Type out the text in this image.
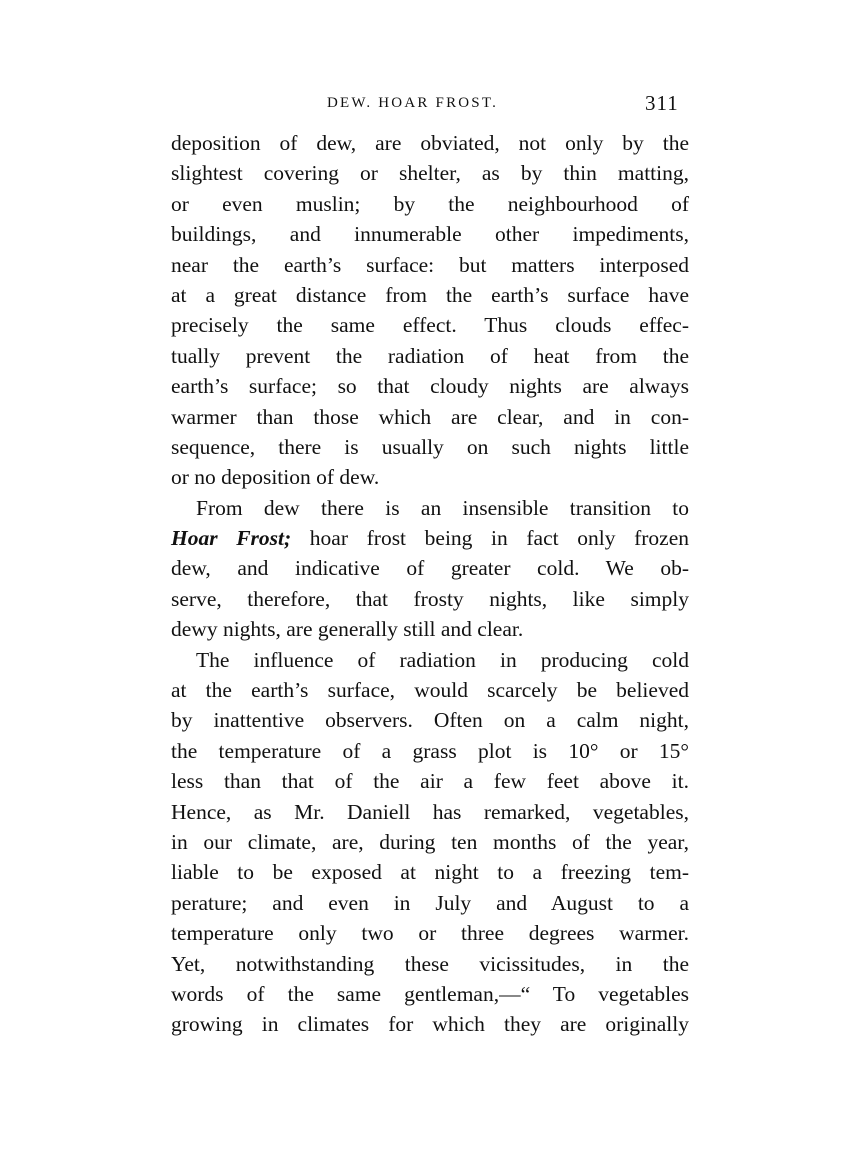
DEW. HOAR FROST.	311
deposition of dew, are obviated, not only by the
slightest covering or shelter, as by thin matting,
or even muslin; by the neighbourhood of
buildings, and innumerable other impediments,
near the earth’s surface: but matters interposed
at a great distance from the earth’s surface have
precisely the same effect. Thus clouds effec-
tually prevent the radiation of heat from the
earth’s surface; so that cloudy nights are always
warmer than those which are clear, and in con-
sequence, there is usually on such nights little
or no deposition of dew.
From dew there is an insensible transition to
Hoar Frost; hoar frost being in fact only frozen
dew, and indicative of greater cold. We ob-
serve, therefore, that frosty nights, like simply
dewy nights, are generally still and clear.
The influence of radiation in producing cold
at the earth’s surface, would scarcely be believed
by inattentive observers. Often on a calm night,
the temperature of a grass plot is 10° or 15°
less than that of the air a few feet above it.
Hence, as Mr. Daniell has remarked, vegetables,
in our climate, are, during ten months of the year,
liable to be exposed at night to a freezing tem-
perature; and even in July and August to a
temperature only two or three degrees warmer.
Yet, notwithstanding these vicissitudes, in the
words of the same gentleman,—“ To vegetables
growing in climates for which they are originally
